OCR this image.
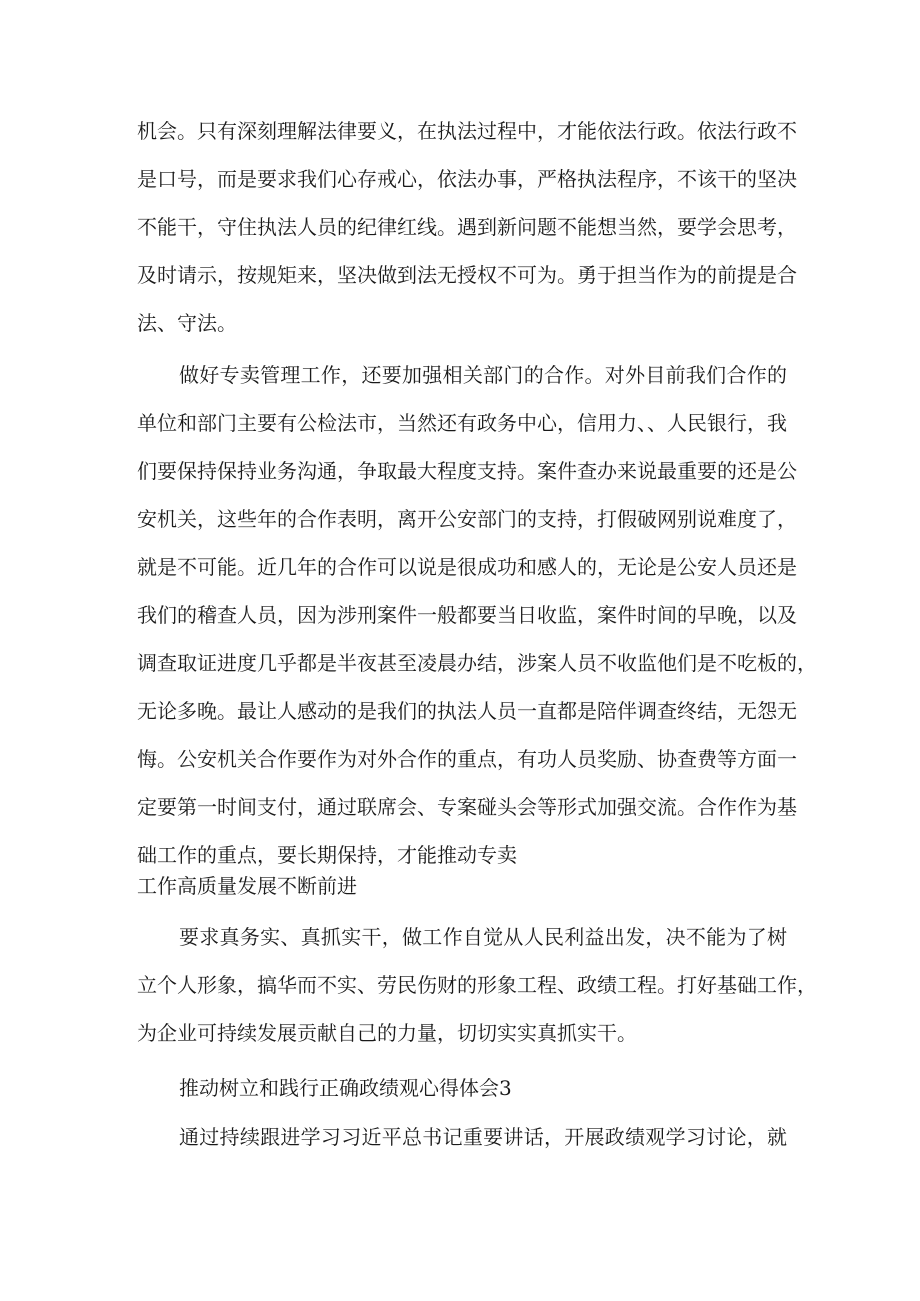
机会。只有深刻理解法律要义，在执法过程中，才能依法行政。依法行政不
是口号，而是要求我们心存戒心，依法办事，严格执法程序，不该干的坚决
不能干，守住执法人员的纪律红线。遇到新问题不能想当然，要学会思考，
及时请示，按规矩来，坚决做到法无授权不可为。勇于担当作为的前提是合
法、守法。
做好专卖管理工作，还要加强相关部门的合作。对外目前我们合作的
单位和部门主要有公检法市，当然还有政务中心，信用力、、人民银行，我
们要保持保持业务沟通，争取最大程度支持。案件查办来说最重要的还是公
安机关，这些年的合作表明，离开公安部门的支持，打假破网别说难度了，
就是不可能。近几年的合作可以说是很成功和感人的，无论是公安人员还是
我们的稽查人员，因为涉刑案件一般都要当日收监，案件时间的早晚，以及
调查取证进度几乎都是半夜甚至凌晨办结，涉案人员不收监他们是不吃板的，
无论多晚。最让人感动的是我们的执法人员一直都是陪伴调查终结，无怨无
悔。公安机关合作要作为对外合作的重点，有功人员奖励、协查费等方面一
定要第一时间支付，通过联席会、专案碰头会等形式加强交流。合作作为基
础工作的重点，要长期保持，才能推动专卖
工作高质量发展不断前进
要求真务实、真抓实干，做工作自觉从人民利益出发，决不能为了树
立个人形象，搞华而不实、劳民伤财的形象工程、政绩工程。打好基础工作，
为企业可持续发展贡献自己的力量，切切实实真抓实干。
推动树立和践行正确政绩观心得体会3
通过持续跟进学习习近平总书记重要讲话，开展政绩观学习讨论，就
